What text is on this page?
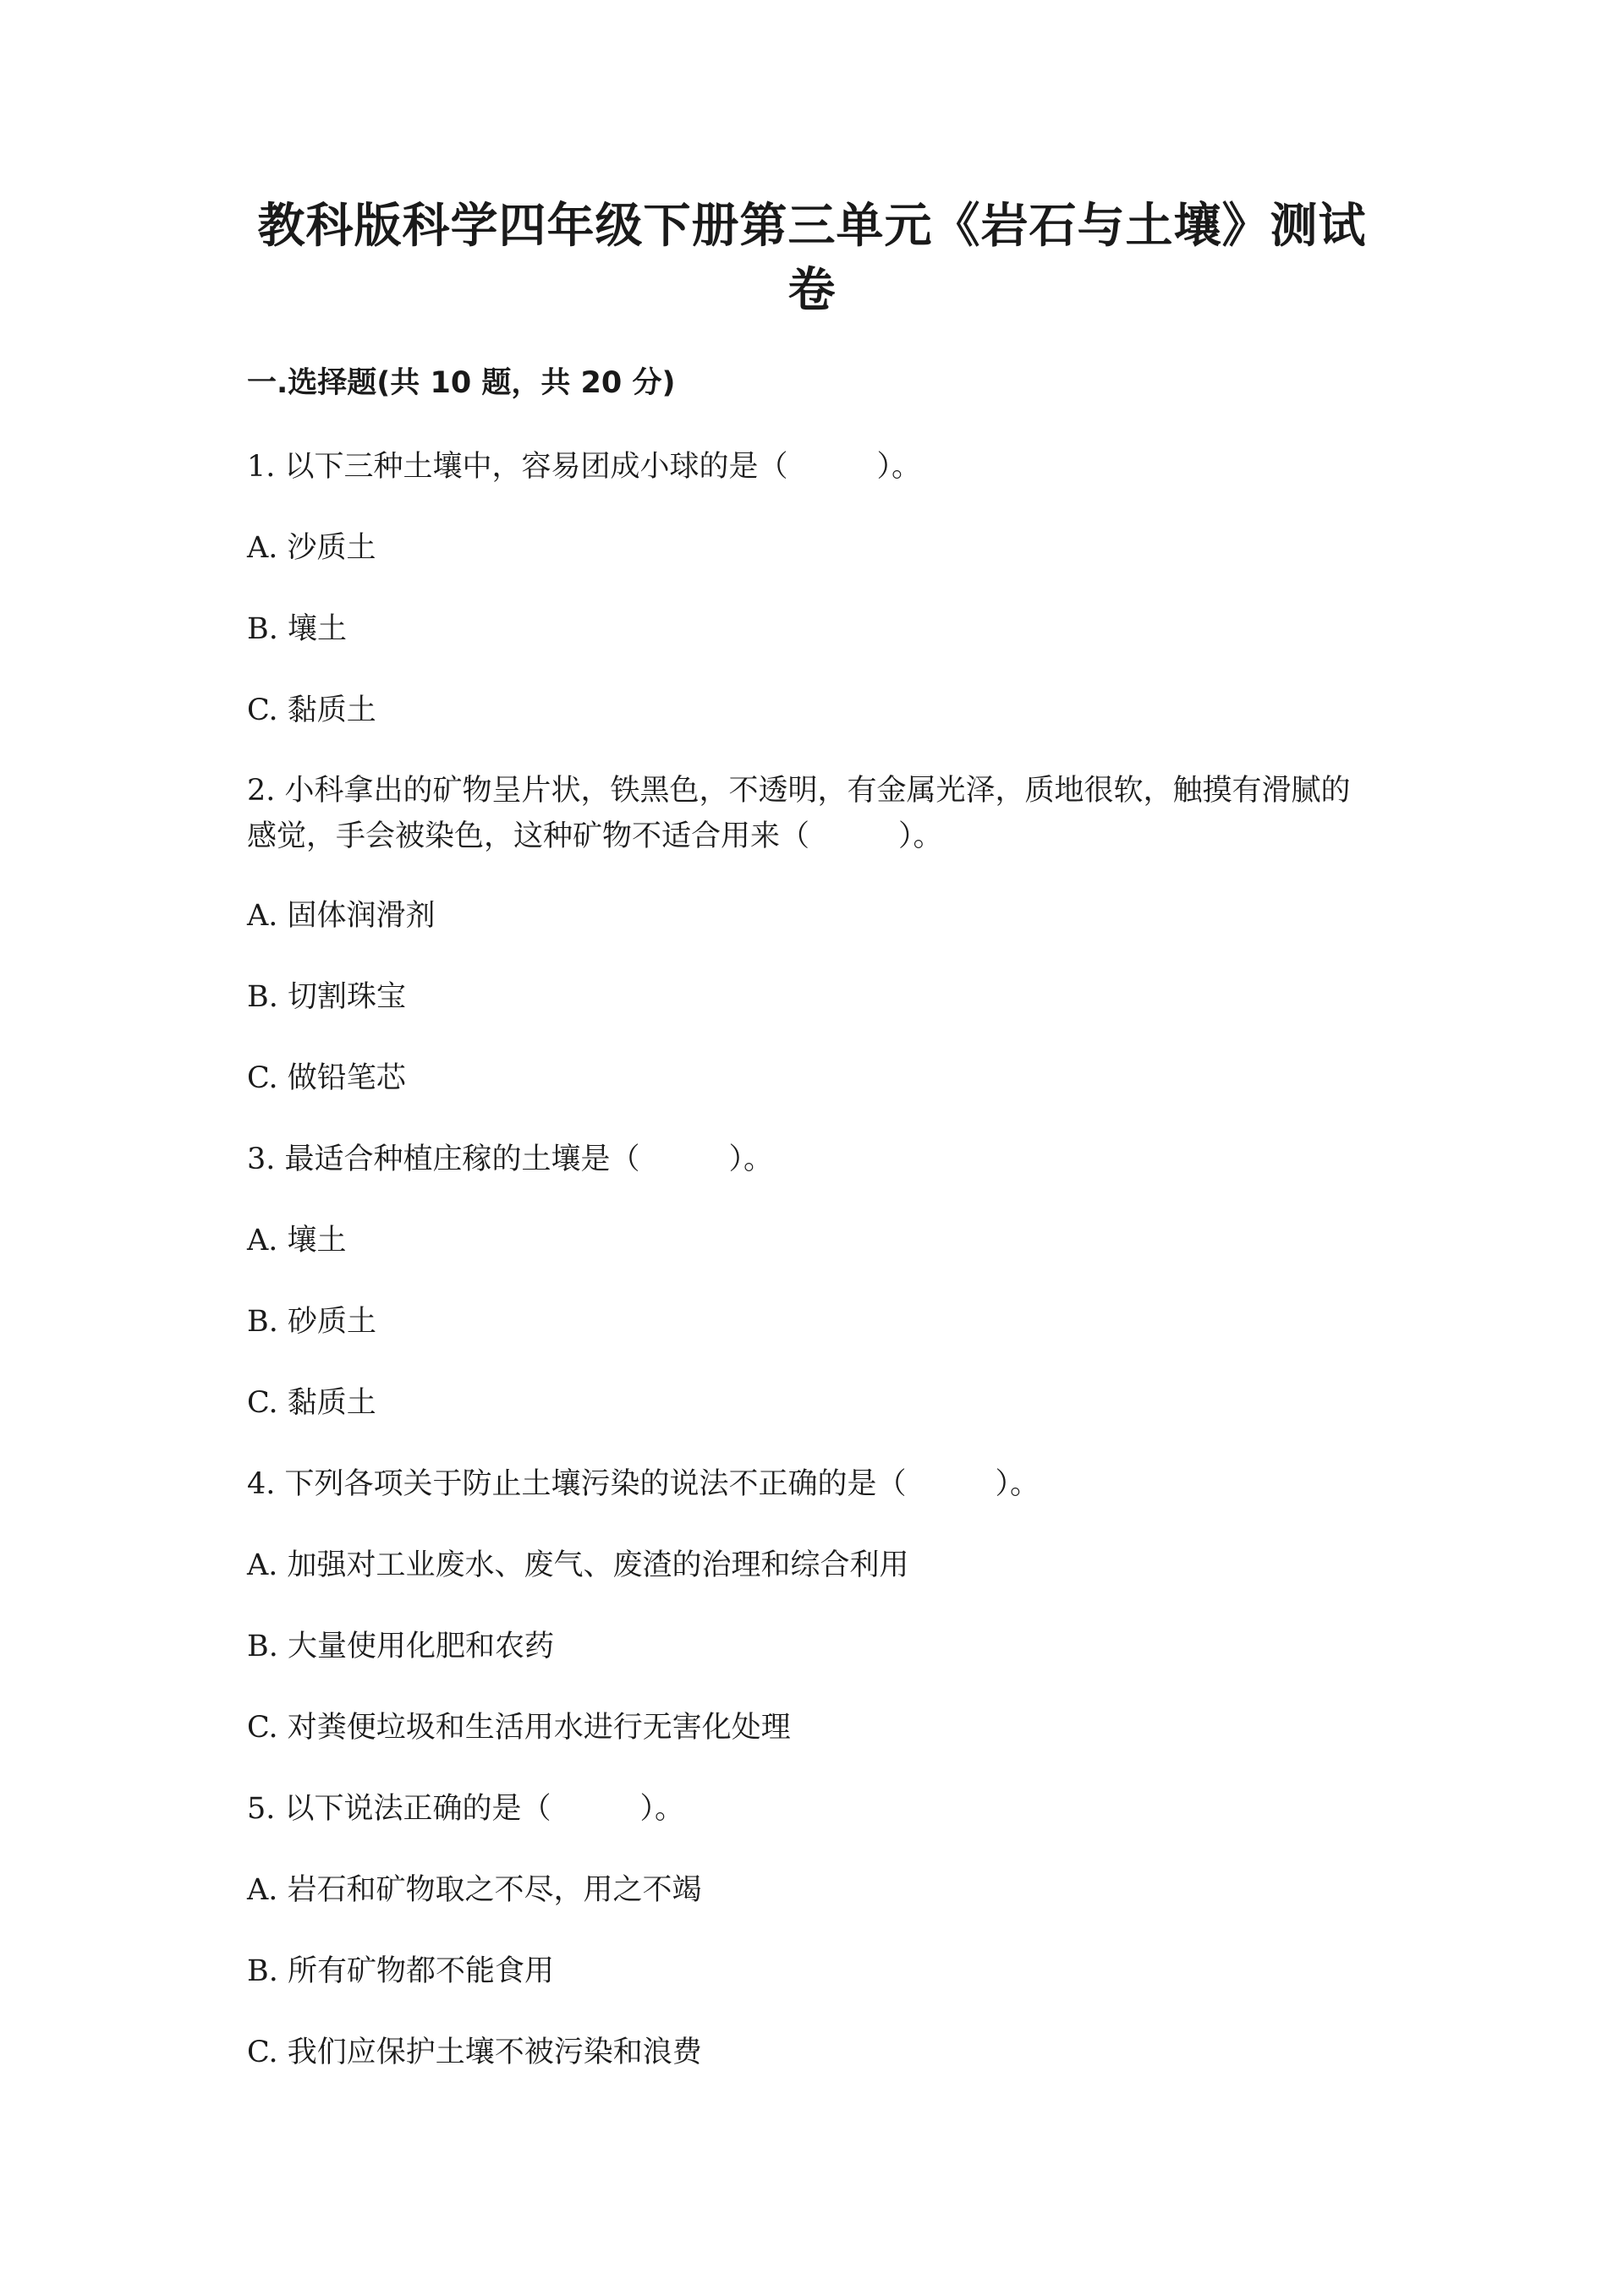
教科版科学四年级下册第三单元《岩石与土壤》测试卷
一.选择题(共 10 题，共 20 分)

1. 以下三种土壤中，容易团成小球的是（　　　）。

A. 沙质土

B. 壤土

C. 黏质土

2. 小科拿出的矿物呈片状，铁黑色，不透明，有金属光泽，质地很软，触摸有滑腻的感觉，手会被染色，这种矿物不适合用来（　　　）。

A. 固体润滑剂

B. 切割珠宝

C. 做铅笔芯

3. 最适合种植庄稼的土壤是（　　　）。

A. 壤土

B. 砂质土

C. 黏质土

4. 下列各项关于防止土壤污染的说法不正确的是（　　　）。

A. 加强对工业废水、废气、废渣的治理和综合利用

B. 大量使用化肥和农药

C. 对粪便垃圾和生活用水进行无害化处理

5. 以下说法正确的是（　　　）。

A. 岩石和矿物取之不尽，用之不竭

B. 所有矿物都不能食用

C. 我们应保护土壤不被污染和浪费
